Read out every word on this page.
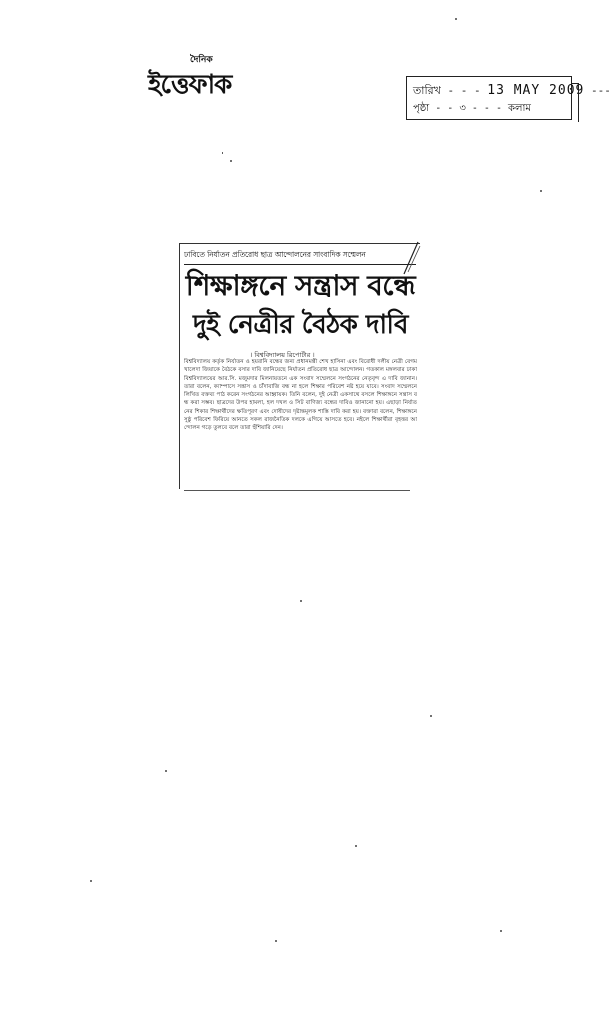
দৈনিক
ইত্তেফাক	তারিখ - - - 13 MAY 2009 ---
পৃষ্ঠা - - ৩ - - - কলাম
ঢাবিতে নির্যাতন প্রতিরোধ ছাত্র আন্দোলনের সাংবাদিক সম্মেলন
শিক্ষাঙ্গনে সন্ত্রাস বন্ধে
দুই নেত্রীর বৈঠক দাবি
। বিশ্ববিদ্যালয় রিপোর্টার ।
বিশ্ববিদ্যালয় কর্তৃক নির্যাতন ও হয়রানি বন্ধের জন্য প্রধানমন্ত্রী শেখ হাসিনা এবং বিরোধী দলীয় নেত্রী বেগম খালেদা জিয়াকে বৈঠকে বসার দাবি জানিয়েছে নির্যাতন প্রতিরোধ ছাত্র আন্দোলন। গতকাল মঙ্গলবার ঢাকা বিশ্ববিদ্যালয়ের আর.সি. মজুমদার মিলনায়তনে এক সংবাদ সম্মেলনে সংগঠনের নেতৃবৃন্দ এ দাবি জানান। তারা বলেন, ক্যাম্পাসে সন্ত্রাস ও চাঁদাবাজি বন্ধ না হলে শিক্ষার পরিবেশ নষ্ট হয়ে যাবে। সংবাদ সম্মেলনে লিখিত বক্তব্য পাঠ করেন সংগঠনের আহ্বায়ক। তিনি বলেন, দুই নেত্রী একসাথে বসলে শিক্ষাঙ্গনে সন্ত্রাস বন্ধ করা সম্ভব। ছাত্রদের উপর হামলা, হল দখল ও সিট বাণিজ্য বন্ধের দাবিও জানানো হয়। এছাড়া নির্যাতনের শিকার শিক্ষার্থীদের ক্ষতিপূরণ এবং দোষীদের দৃষ্টান্তমূলক শাস্তি দাবি করা হয়। বক্তারা বলেন, শিক্ষাঙ্গনে সুষ্ঠু পরিবেশ ফিরিয়ে আনতে সকল রাজনৈতিক দলকে এগিয়ে আসতে হবে। নইলে শিক্ষার্থীরা বৃহত্তর আন্দোলন গড়ে তুলবে বলে তারা হুঁশিয়ারি দেন।
